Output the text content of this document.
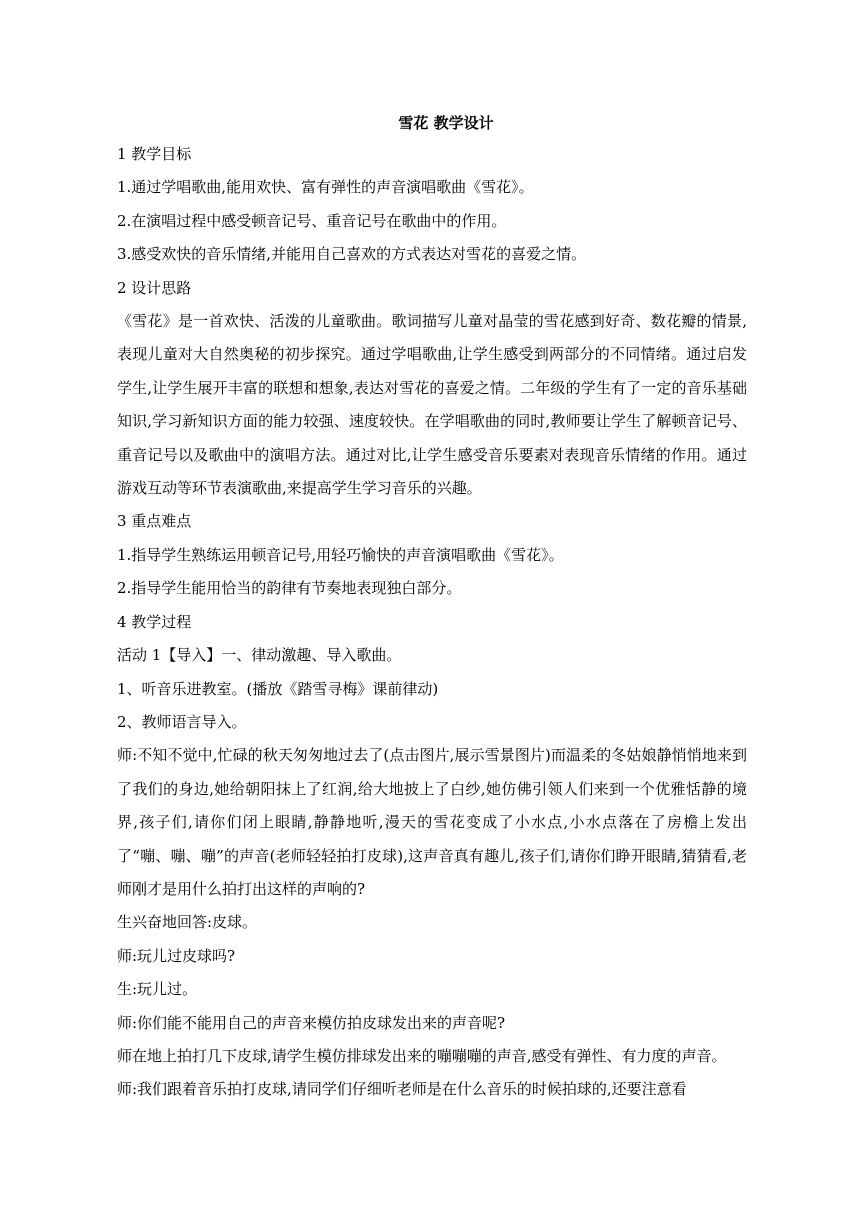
雪花 教学设计

1 教学目标

1.通过学唱歌曲,能用欢快、富有弹性的声音演唱歌曲《雪花》。

2.在演唱过程中感受顿音记号、重音记号在歌曲中的作用。

3.感受欢快的音乐情绪,并能用自己喜欢的方式表达对雪花的喜爱之情。

2 设计思路

《雪花》是一首欢快、活泼的儿童歌曲。歌词描写儿童对晶莹的雪花感到好奇、数花瓣的情景,表现儿童对大自然奥秘的初步探究。通过学唱歌曲,让学生感受到两部分的不同情绪。通过启发学生,让学生展开丰富的联想和想象,表达对雪花的喜爱之情。二年级的学生有了一定的音乐基础知识,学习新知识方面的能力较强、速度较快。在学唱歌曲的同时,教师要让学生了解顿音记号、重音记号以及歌曲中的演唱方法。通过对比,让学生感受音乐要素对表现音乐情绪的作用。通过游戏互动等环节表演歌曲,来提高学生学习音乐的兴趣。

3 重点难点

1.指导学生熟练运用顿音记号,用轻巧愉快的声音演唱歌曲《雪花》。

2.指导学生能用恰当的韵律有节奏地表现独白部分。

4 教学过程

活动 1【导入】一、律动激趣、导入歌曲。

1、听音乐进教室。(播放《踏雪寻梅》课前律动)

2、教师语言导入。

师:不知不觉中,忙碌的秋天匆匆地过去了(点击图片,展示雪景图片)而温柔的冬姑娘静悄悄地来到了我们的身边,她给朝阳抹上了红润,给大地披上了白纱,她仿佛引领人们来到一个优雅恬静的境界,孩子们,请你们闭上眼睛,静静地听,漫天的雪花变成了小水点,小水点落在了房檐上发出了“嘣、嘣、嘣”的声音(老师轻轻拍打皮球),这声音真有趣儿,孩子们,请你们睁开眼睛,猜猜看,老师刚才是用什么拍打出这样的声响的?

生兴奋地回答:皮球。

师:玩儿过皮球吗?

生:玩儿过。

师:你们能不能用自己的声音来模仿拍皮球发出来的声音呢?

师在地上拍打几下皮球,请学生模仿排球发出来的嘣嘣嘣的声音,感受有弹性、有力度的声音。

师:我们跟着音乐拍打皮球,请同学们仔细听老师是在什么音乐的时候拍球的,还要注意看
